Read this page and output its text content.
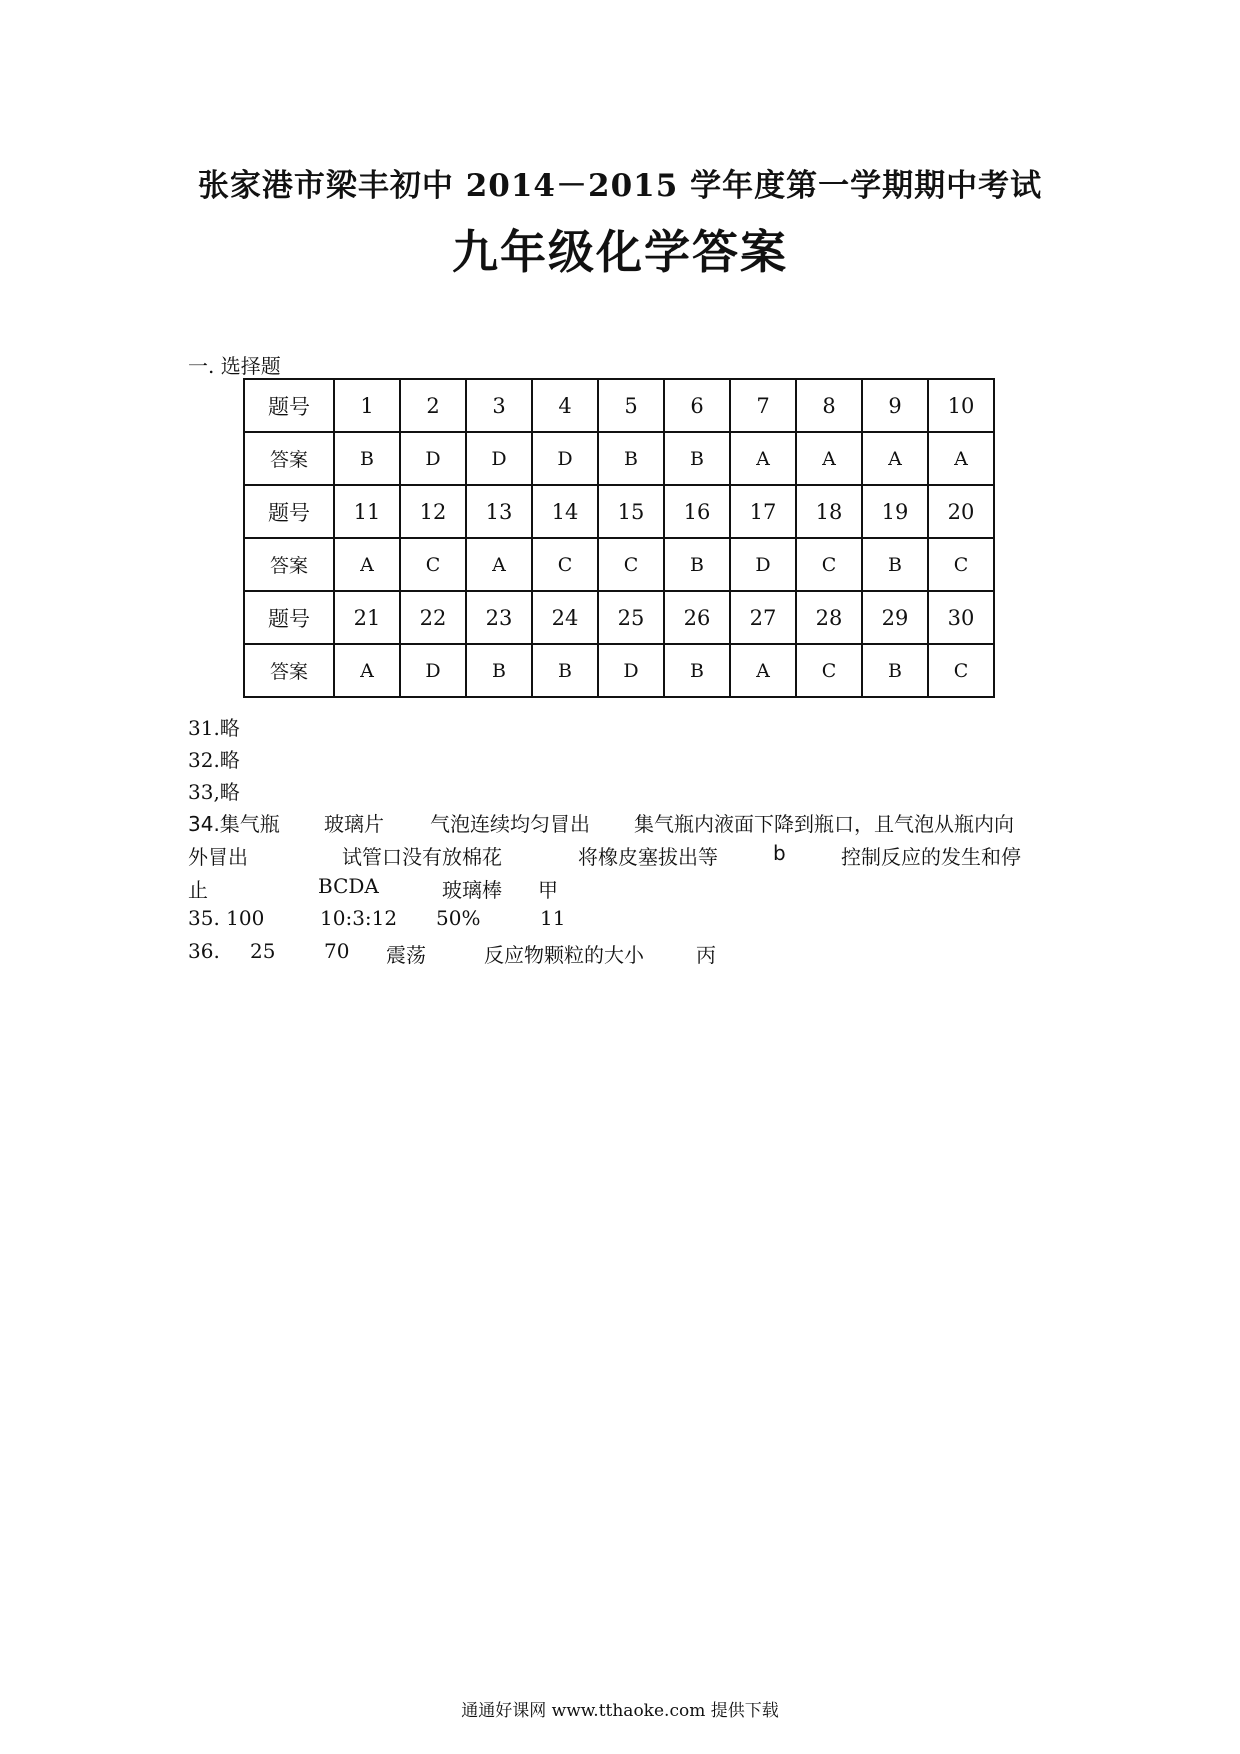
张家港市梁丰初中 2014－2015 学年度第一学期期中考试
九年级化学答案
一. 选择题
题号	1	2	3	4	5	6	7	8	9	10
答案	B	D	D	D	B	B	A	A	A	A
题号	11	12	13	14	15	16	17	18	19	20
答案	A	C	A	C	C	B	D	C	B	C
题号	21	22	23	24	25	26	27	28	29	30
答案	A	D	B	B	D	B	A	C	B	C
31.略
32.略
33,略

34.集气瓶

玻璃片

气泡连续均匀冒出

集气瓶内液面下降到瓶口，且气泡从瓶内向

外冒出

	试管口没有放棉花

	将橡皮塞拔出等

	b

	控制反应的发生和停

止

	BCDA

	玻璃棒

甲

35. 100

	10:3:12

50%

	11

36.

25

70

震荡

	反应物颗粒的大小

	丙

通通好课网 www.tthaoke.com 提供下载
